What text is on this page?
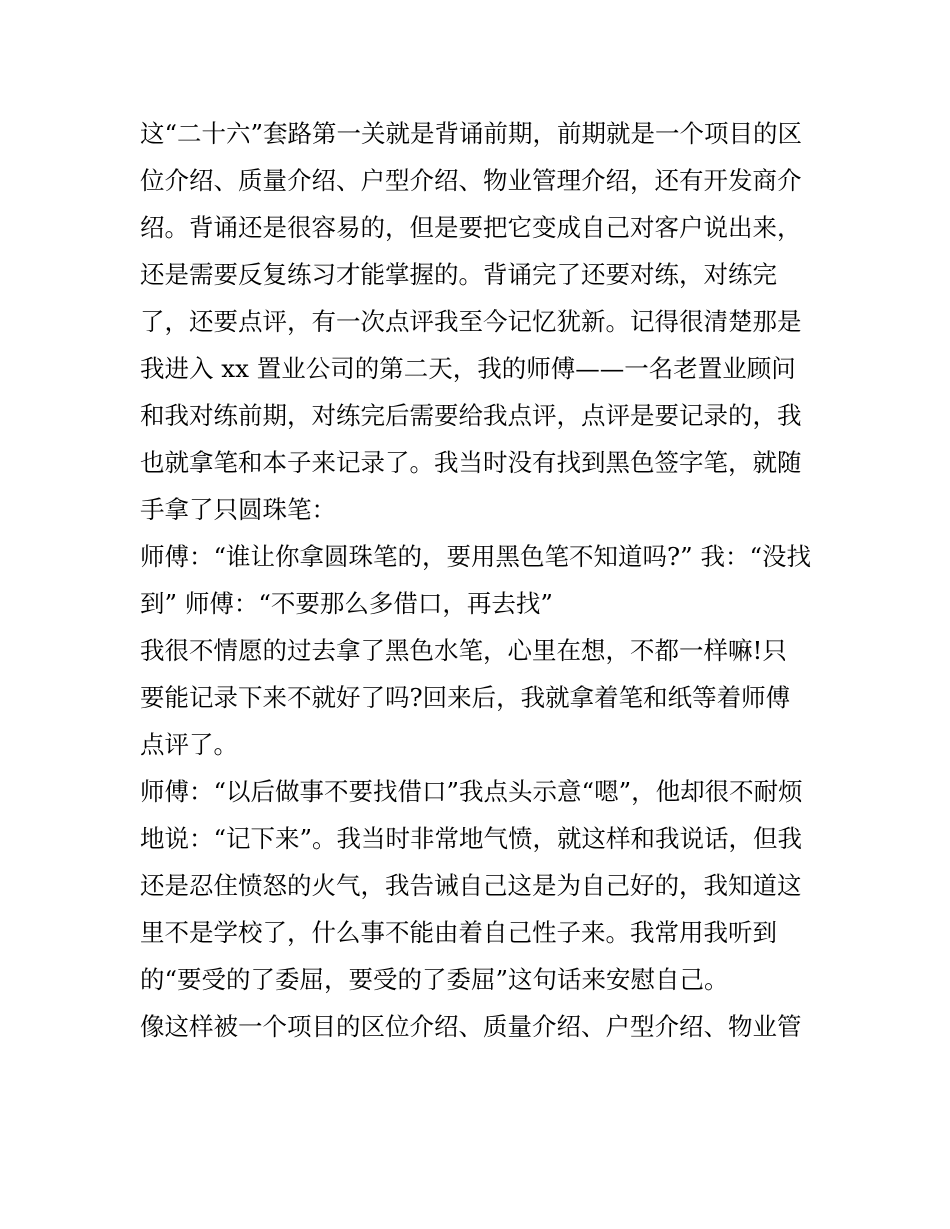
这“二十六”套路第一关就是背诵前期，前期就是一个项目的区
位介绍、质量介绍、户型介绍、物业管理介绍，还有开发商介
绍。背诵还是很容易的，但是要把它变成自己对客户说出来，
还是需要反复练习才能掌握的。背诵完了还要对练，对练完
了，还要点评，有一次点评我至今记忆犹新。记得很清楚那是
我进入 xx 置业公司的第二天，我的师傅——一名老置业顾问
和我对练前期，对练完后需要给我点评，点评是要记录的，我
也就拿笔和本子来记录了。我当时没有找到黑色签字笔，就随
手拿了只圆珠笔：
师傅：“谁让你拿圆珠笔的，要用黑色笔不知道吗?” 我：“没找
到” 师傅：“不要那么多借口，再去找”
我很不情愿的过去拿了黑色水笔，心里在想，不都一样嘛!只
要能记录下来不就好了吗?回来后，我就拿着笔和纸等着师傅
点评了。
师傅：“以后做事不要找借口”我点头示意“嗯”，他却很不耐烦
地说：“记下来”。我当时非常地气愤，就这样和我说话，但我
还是忍住愤怒的火气，我告诫自己这是为自己好的，我知道这
里不是学校了，什么事不能由着自己性子来。我常用我听到
的“要受的了委屈，要受的了委屈”这句话来安慰自己。
像这样被一个项目的区位介绍、质量介绍、户型介绍、物业管
